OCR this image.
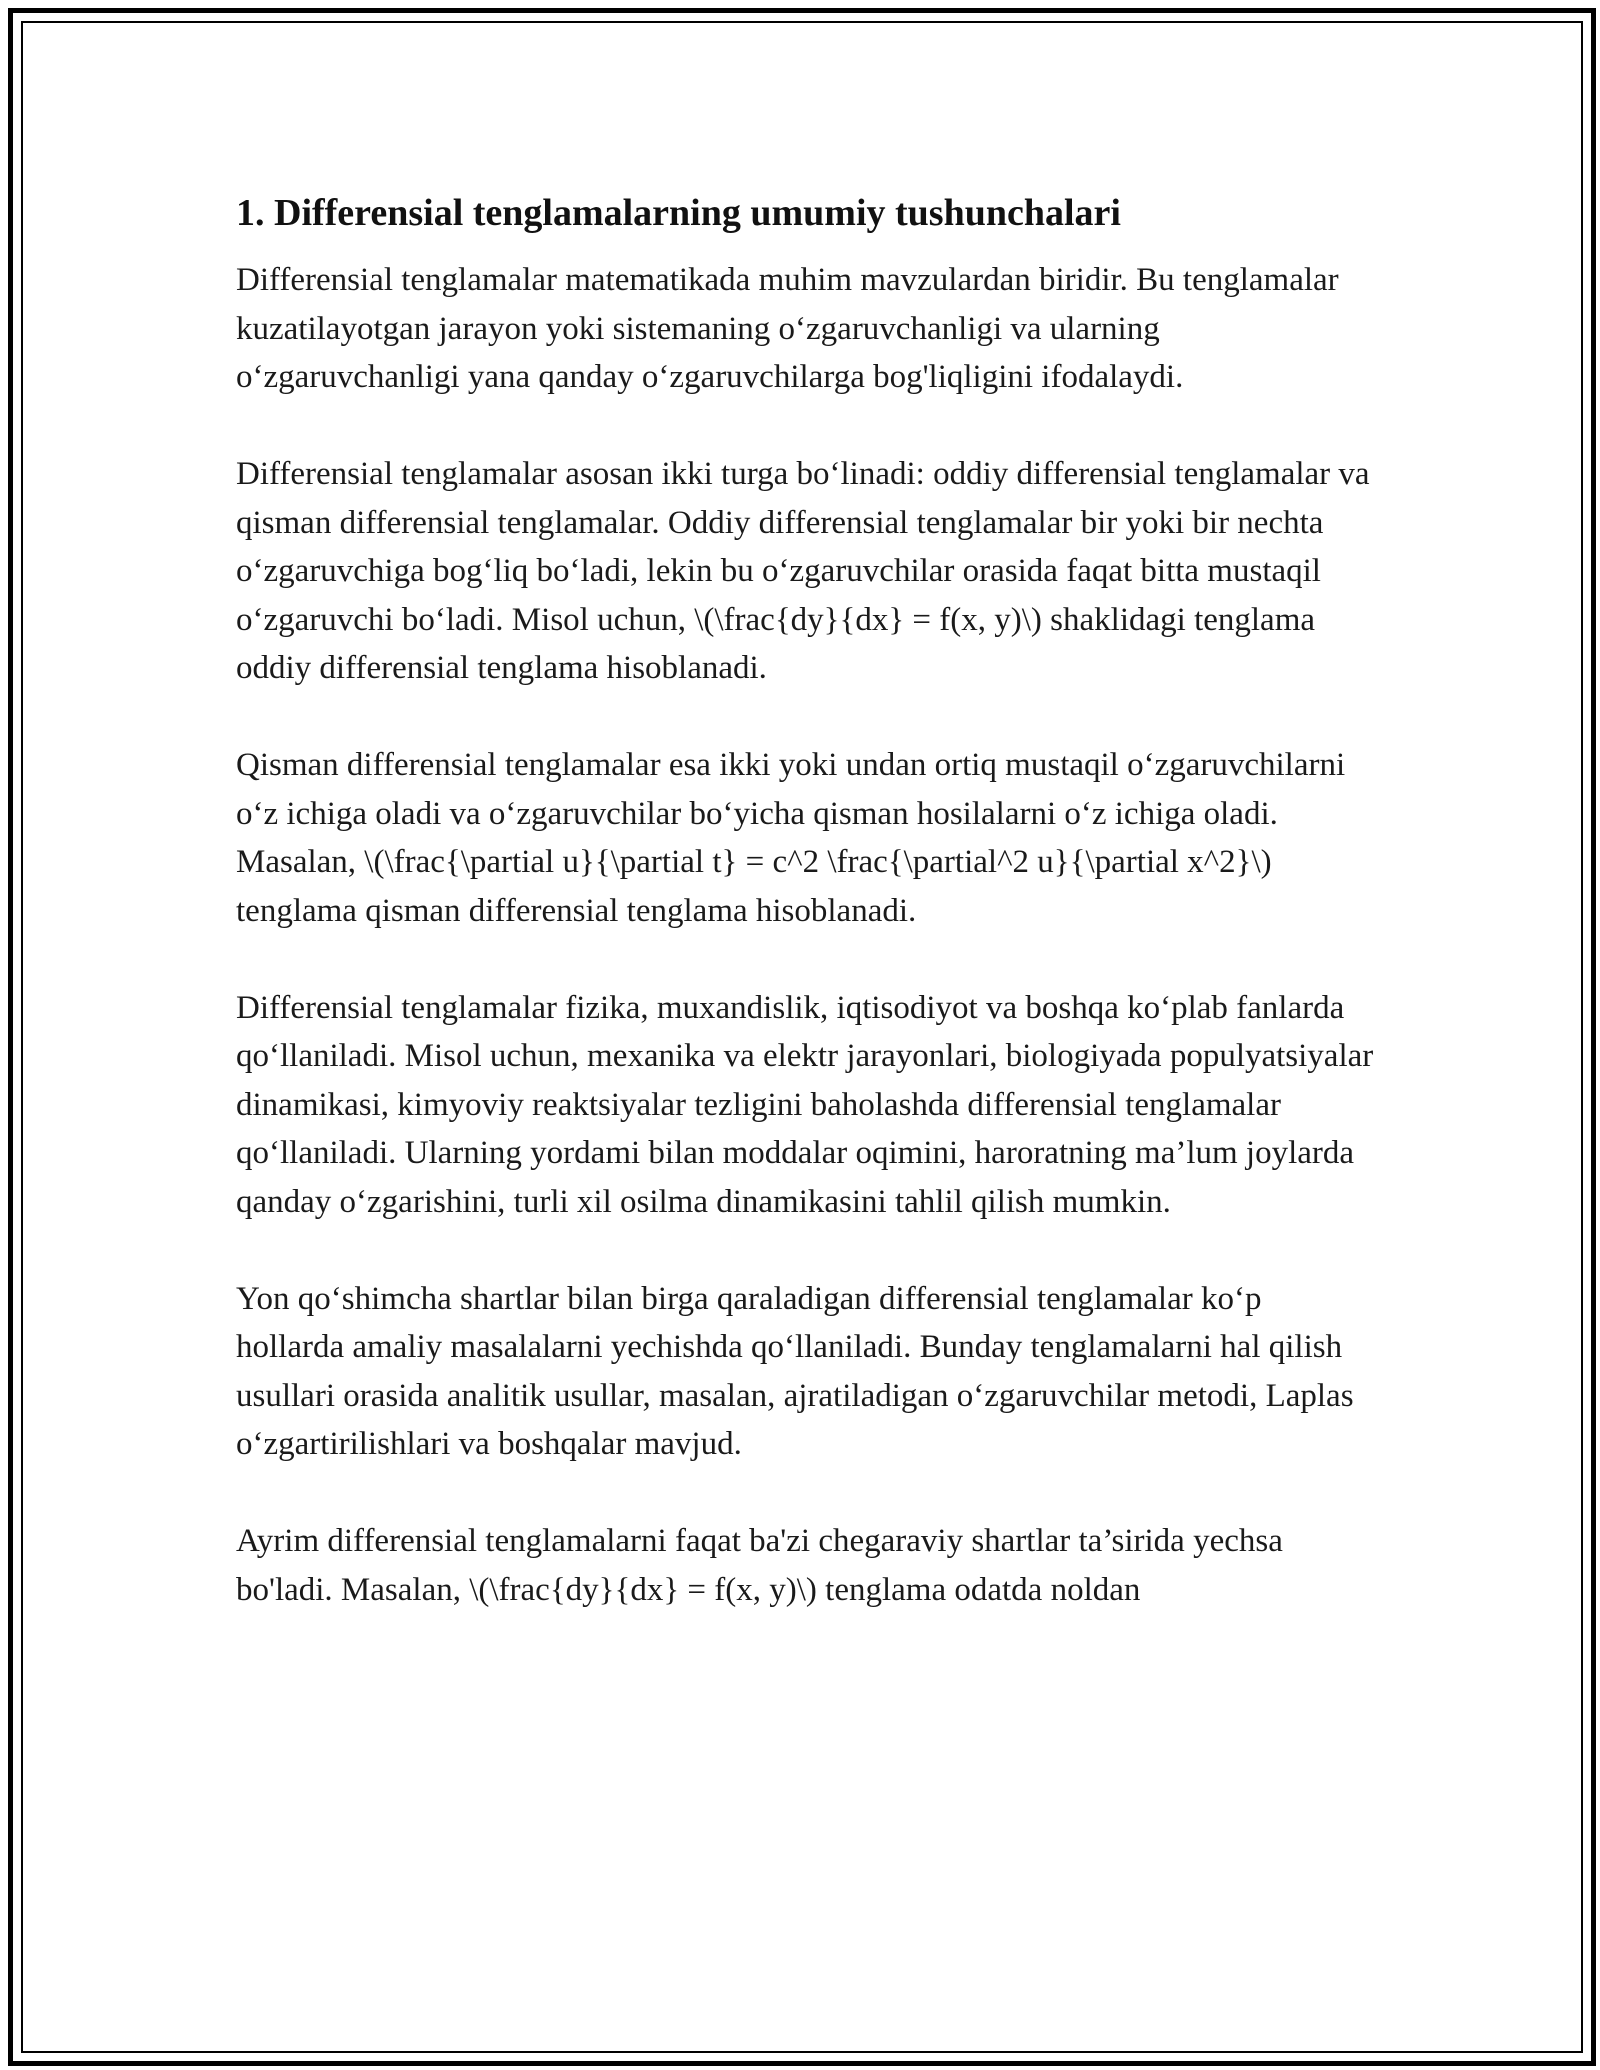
1. Differensial tenglamalarning umumiy tushunchalari

Differensial tenglamalar matematikada muhim mavzulardan biridir. Bu tenglamalar kuzatilayotgan jarayon yoki sistemaning o‘zgaruvchanligi va ularning o‘zgaruvchanligi yana qanday o‘zgaruvchilarga bog'liqligini ifodalaydi.

Differensial tenglamalar asosan ikki turga bo‘linadi: oddiy differensial tenglamalar va qisman differensial tenglamalar. Oddiy differensial tenglamalar bir yoki bir nechta o‘zgaruvchiga bog‘liq bo‘ladi, lekin bu o‘zgaruvchilar orasida faqat bitta mustaqil o‘zgaruvchi bo‘ladi. Misol uchun, \(\frac{dy}{dx} = f(x, y)\) shaklidagi tenglama oddiy differensial tenglama hisoblanadi.

Qisman differensial tenglamalar esa ikki yoki undan ortiq mustaqil o‘zgaruvchilarni o‘z ichiga oladi va o‘zgaruvchilar bo‘yicha qisman hosilalarni o‘z ichiga oladi. Masalan, \(\frac{\partial u}{\partial t} = c^2 \frac{\partial^2 u}{\partial x^2}\) tenglama qisman differensial tenglama hisoblanadi.

Differensial tenglamalar fizika, muxandislik, iqtisodiyot va boshqa ko‘plab fanlarda qo‘llaniladi. Misol uchun, mexanika va elektr jarayonlari, biologiyada populyatsiyalar dinamikasi, kimyoviy reaktsiyalar tezligini baholashda differensial tenglamalar qo‘llaniladi. Ularning yordami bilan moddalar oqimini, haroratning ma’lum joylarda qanday o‘zgarishini, turli xil osilma dinamikasini tahlil qilish mumkin.

Yon qo‘shimcha shartlar bilan birga qaraladigan differensial tenglamalar ko‘p hollarda amaliy masalalarni yechishda qo‘llaniladi. Bunday tenglamalarni hal qilish usullari orasida analitik usullar, masalan, ajratiladigan o‘zgaruvchilar metodi, Laplas o‘zgartirilishlari va boshqalar mavjud.

Ayrim differensial tenglamalarni faqat ba'zi chegaraviy shartlar ta’sirida yechsa bo'ladi. Masalan, \(\frac{dy}{dx} = f(x, y)\) tenglama odatda noldan
